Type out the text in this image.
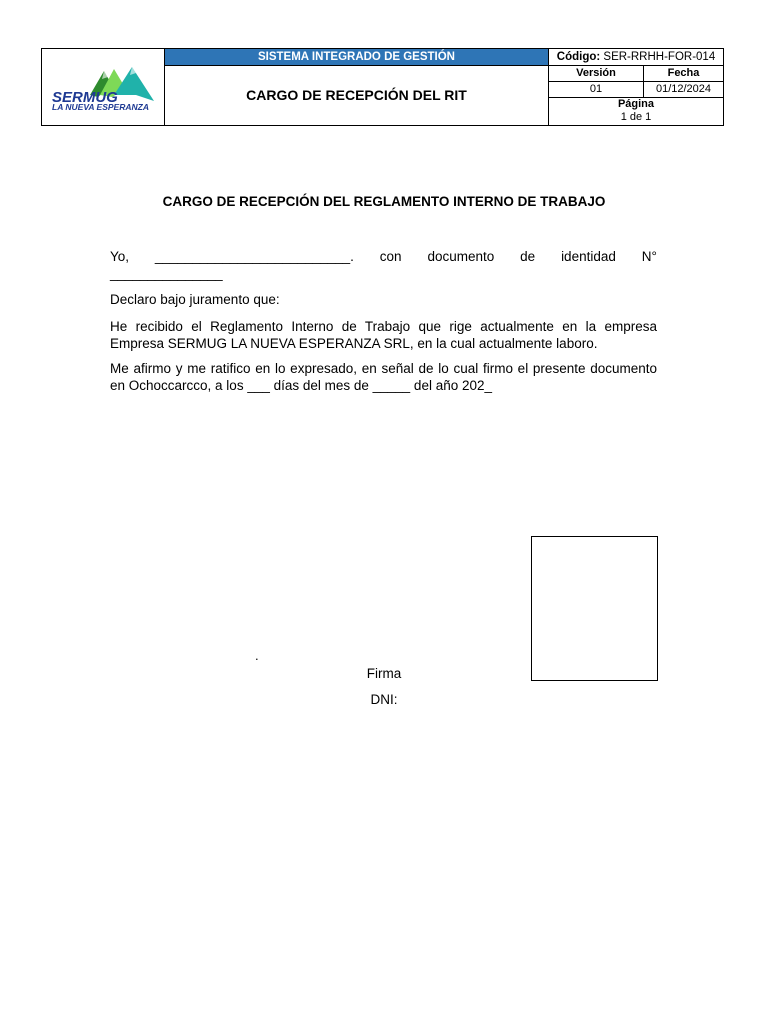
SERMUG
LA NUEVA ESPERANZA
SISTEMA INTEGRADO DE GESTIÓN
CARGO DE RECEPCIÓN DEL RIT
Código: SER-RRHH-FOR-014
Versión	Fecha
01	01/12/2024
Página
1 de 1
CARGO DE RECEPCIÓN DEL REGLAMENTO INTERNO DE TRABAJO
Yo, __________________________. con documento de identidad N°
_______________

Declaro bajo juramento que:

He recibido el Reglamento Interno de Trabajo que rige actualmente en la empresa Empresa SERMUG LA NUEVA ESPERANZA SRL, en la cual actualmente laboro.

Me afirmo y me ratifico en lo expresado, en señal de lo cual firmo el presente documento en Ochoccarcco, a los ___ días del mes de _____ del año 202_

.
Firma
DNI:
